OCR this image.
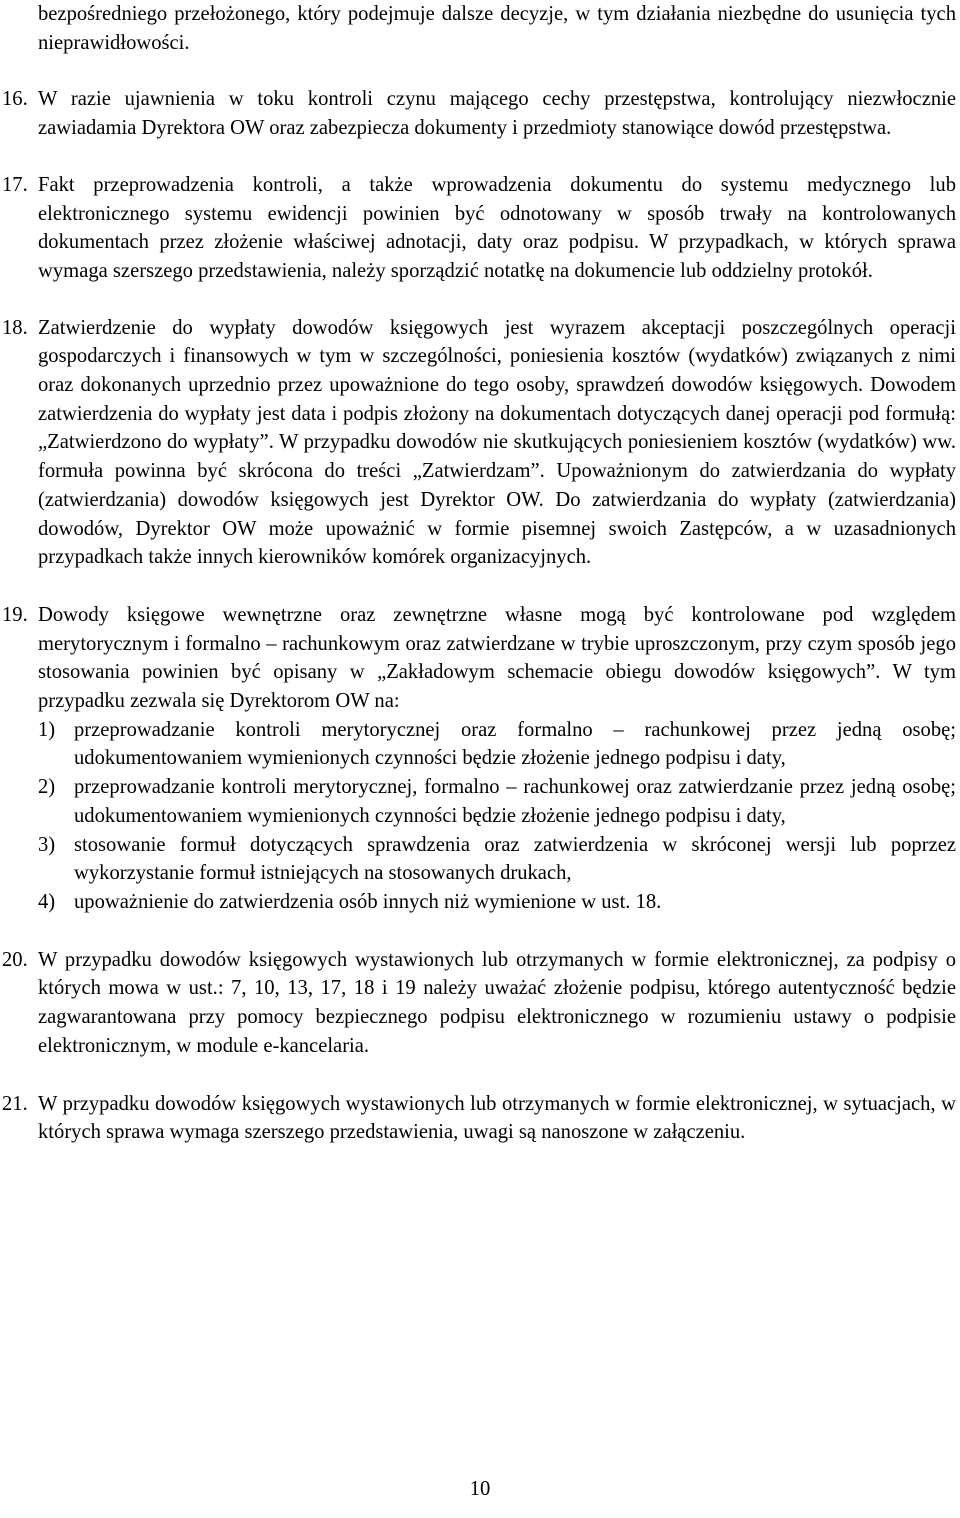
bezpośredniego przełożonego, który podejmuje dalsze decyzje, w tym działania niezbędne do usunięcia tych nieprawidłowości.

16. W razie ujawnienia w toku kontroli czynu mającego cechy przestępstwa, kontrolujący niezwłocznie zawiadamia Dyrektora OW oraz zabezpiecza dokumenty i przedmioty stanowiące dowód przestępstwa.

17. Fakt przeprowadzenia kontroli, a także wprowadzenia dokumentu do systemu medycznego lub elektronicznego systemu ewidencji powinien być odnotowany w sposób trwały na kontrolowanych dokumentach przez złożenie właściwej adnotacji, daty oraz podpisu. W przypadkach, w których sprawa wymaga szerszego przedstawienia, należy sporządzić notatkę na dokumencie lub oddzielny protokół.

18. Zatwierdzenie do wypłaty dowodów księgowych jest wyrazem akceptacji poszczególnych operacji gospodarczych i finansowych w tym w szczególności, poniesienia kosztów (wydatków) związanych z nimi oraz dokonanych uprzednio przez upoważnione do tego osoby, sprawdzeń dowodów księgowych. Dowodem zatwierdzenia do wypłaty jest data i podpis złożony na dokumentach dotyczących danej operacji pod formułą: „Zatwierdzono do wypłaty”. W przypadku dowodów nie skutkujących poniesieniem kosztów (wydatków) ww. formuła powinna być skrócona do treści „Zatwierdzam”. Upoważnionym do zatwierdzania do wypłaty (zatwierdzania) dowodów księgowych jest Dyrektor OW. Do zatwierdzania do wypłaty (zatwierdzania) dowodów, Dyrektor OW może upoważnić w formie pisemnej swoich Zastępców, a w uzasadnionych przypadkach także innych kierowników komórek organizacyjnych.

19. Dowody księgowe wewnętrzne oraz zewnętrzne własne mogą być kontrolowane pod względem merytorycznym i formalno – rachunkowym oraz zatwierdzane w trybie uproszczonym, przy czym sposób jego stosowania powinien być opisany w „Zakładowym schemacie obiegu dowodów księgowych”. W tym przypadku zezwala się Dyrektorom OW na:

1) przeprowadzanie kontroli merytorycznej oraz formalno – rachunkowej przez jedną osobę; udokumentowaniem wymienionych czynności będzie złożenie jednego podpisu i daty,

2) przeprowadzanie kontroli merytorycznej, formalno – rachunkowej oraz zatwierdzanie przez jedną osobę; udokumentowaniem wymienionych czynności będzie złożenie jednego podpisu i daty,

3) stosowanie formuł dotyczących sprawdzenia oraz zatwierdzenia w skróconej wersji lub poprzez wykorzystanie formuł istniejących na stosowanych drukach,

4) upoważnienie do zatwierdzenia osób innych niż wymienione w ust. 18.

20. W przypadku dowodów księgowych wystawionych lub otrzymanych w formie elektronicznej, za podpisy o których mowa w ust.: 7, 10, 13, 17, 18 i 19 należy uważać złożenie podpisu, którego autentyczność będzie zagwarantowana przy pomocy bezpiecznego podpisu elektronicznego w rozumieniu ustawy o podpisie elektronicznym, w module e-kancelaria.

21. W przypadku dowodów księgowych wystawionych lub otrzymanych w formie elektronicznej, w sytuacjach, w których sprawa wymaga szerszego przedstawienia, uwagi są nanoszone w załączeniu.

10
